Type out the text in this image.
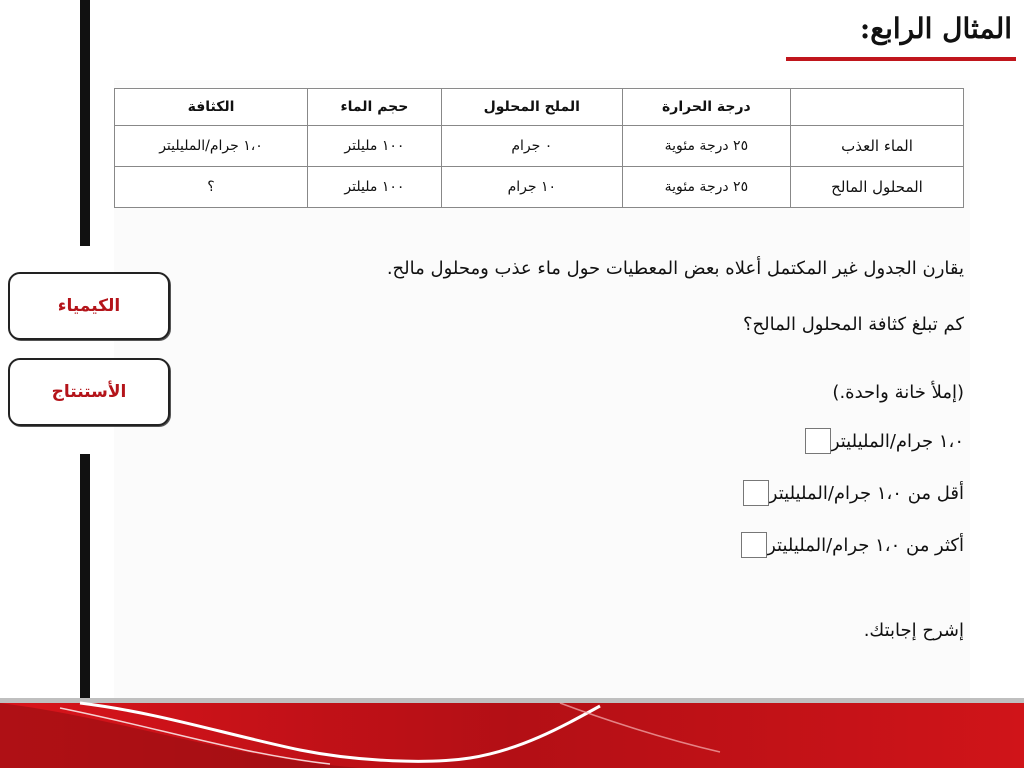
المثال الرابع:
	درجة الحرارة	الملح المحلول	حجم الماء	الكثافة
الماء العذب	٢٥ درجة مئوية	٠ جرام	١٠٠ مليلتر	١،٠ جرام/المليليتر
المحلول المالح	٢٥ درجة مئوية	١٠ جرام	١٠٠ مليلتر	؟
يقارن الجدول غير المكتمل أعلاه بعض المعطيات حول ماء عذب ومحلول مالح.
كم تبلغ كثافة المحلول المالح؟
(إملأ خانة واحدة.)
١،٠ جرام/المليليتر
أقل من ١،٠ جرام/المليليتر
أكثر من ١،٠ جرام/المليليتر
إشرح إجابتك.
الكيمياء
الأستنتاج
